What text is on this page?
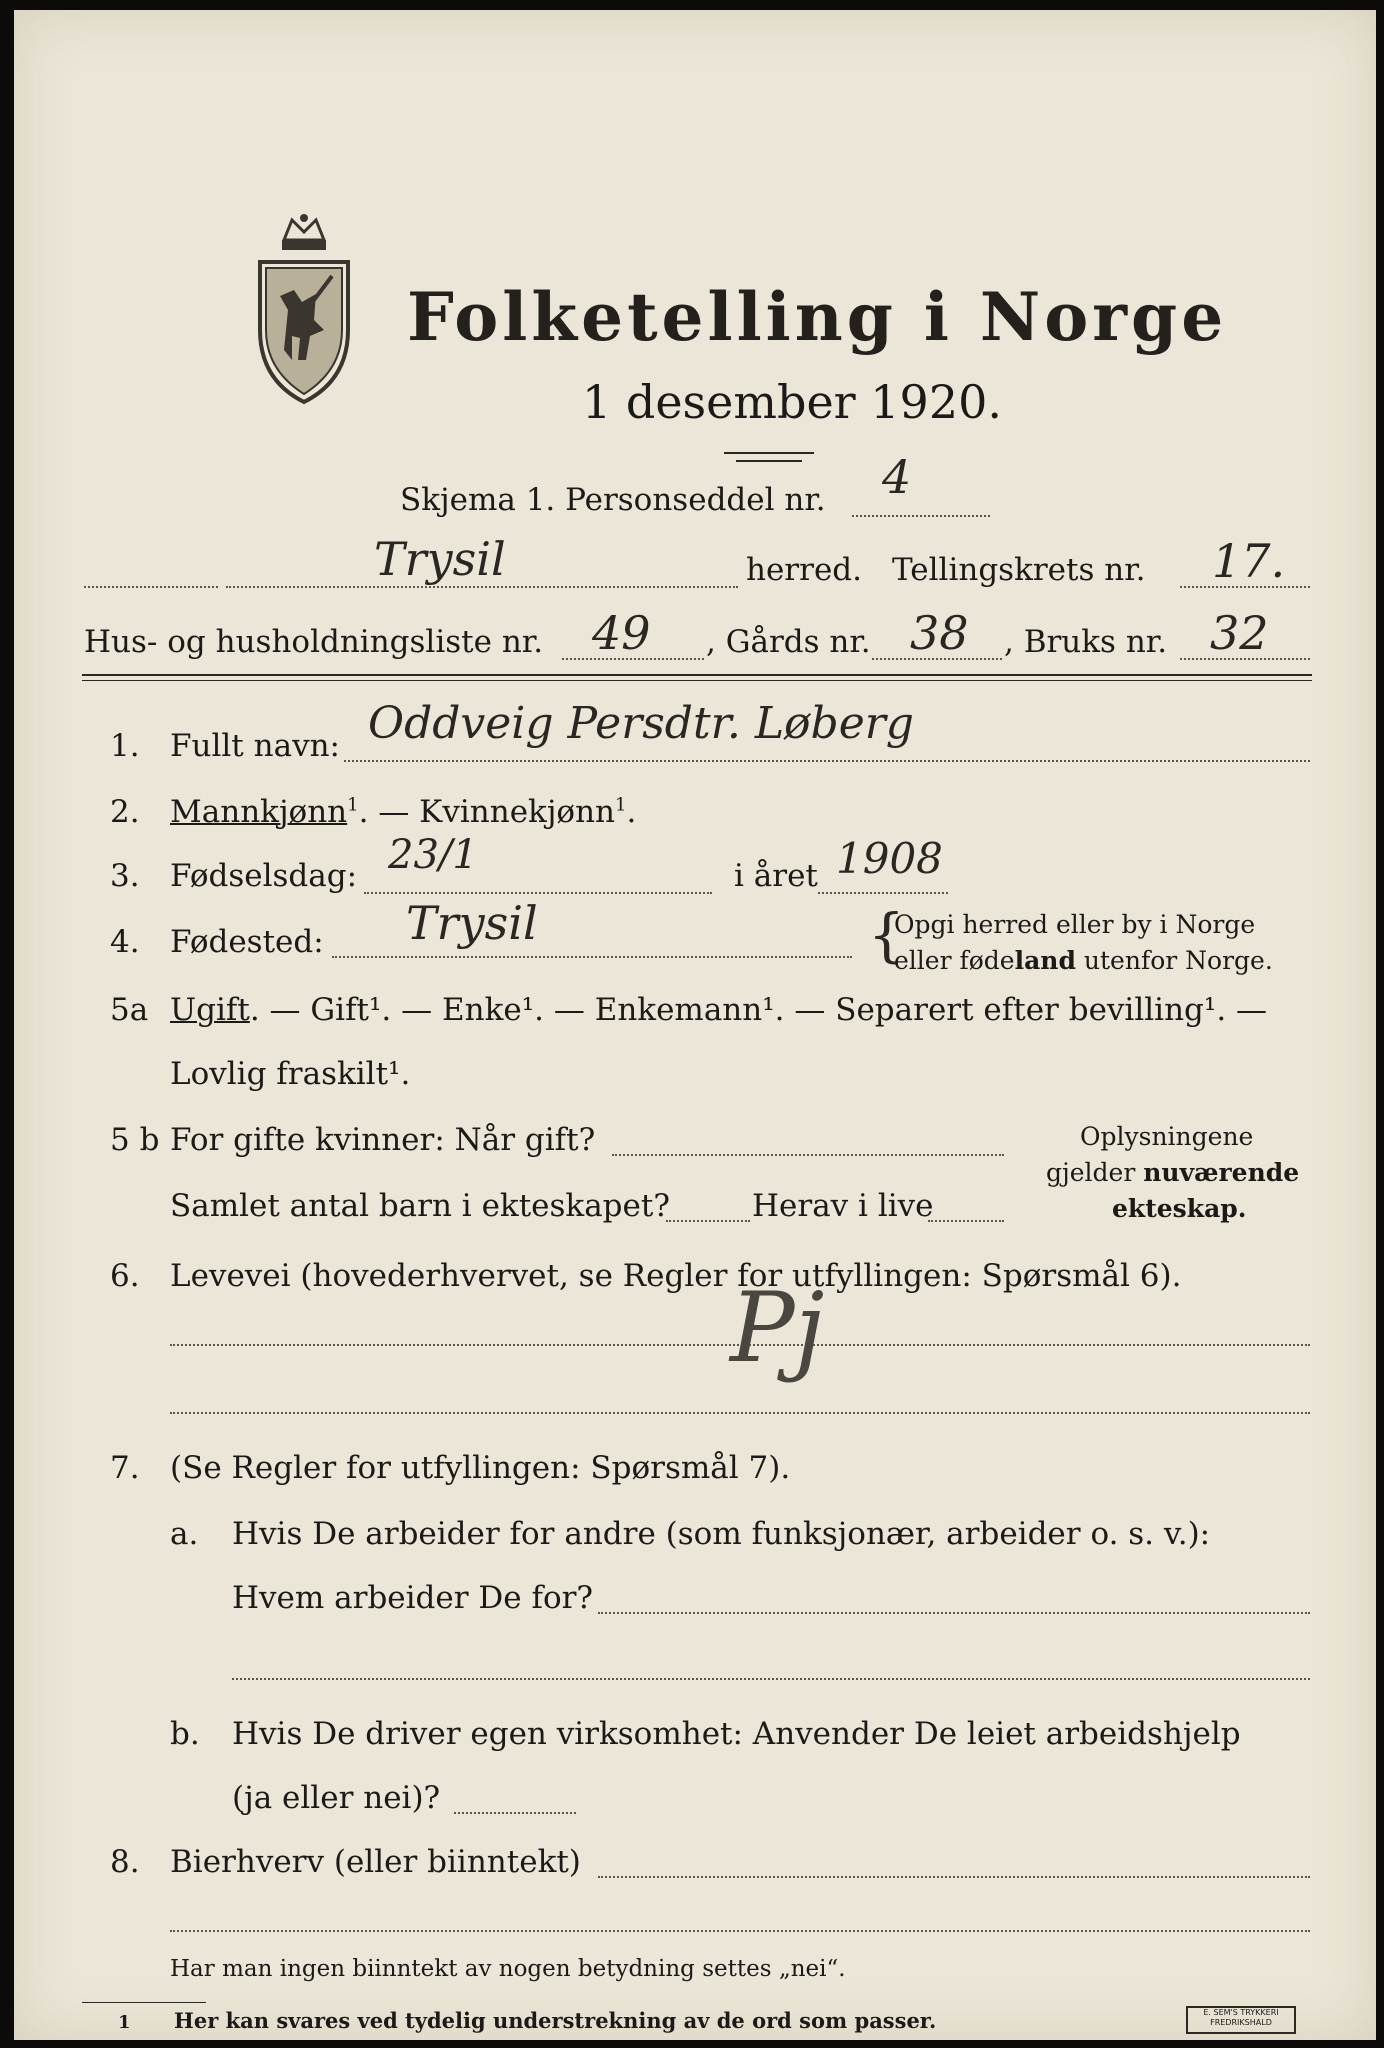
Folketelling i Norge
1 desember 1920.
Skjema 1. Personseddel nr. 4
Trysil	herred. Tellingskrets nr. 17.
Hus- og husholdningsliste nr. 49 , Gårds nr. 38 , Bruks nr. 32
1. Fullt navn: Oddveig Persdtr. Løberg
2. Mannkjønn$^1$. — Kvinnekjønn$^1$.
3. Fødselsdag: 23/1	i året 1908
4. Fødested: Trysil	{
Opgi herred eller by i Norge
eller fødeland utenfor Norge.
5a Ugift. — Gift¹. — Enke¹. — Enkemann¹. — Separert efter bevilling¹. —
Lovlig fraskilt¹.
5 b For gifte kvinner: Når gift?
Samlet antal barn i ekteskapet?	Herav i live
Oplysningene
gjelder nuværende
ekteskap.
6. Levevei (hovederhvervet, se Regler for utfyllingen: Spørsmål 6).
Pj
7. (Se Regler for utfyllingen: Spørsmål 7).
a. Hvis De arbeider for andre (som funksjonær, arbeider o. s. v.):
Hvem arbeider De for?
b. Hvis De driver egen virksomhet: Anvender De leiet arbeidshjelp
(ja eller nei)?
8. Bierhverv (eller biinntekt)
Har man ingen biinntekt av nogen betydning settes „nei“.
1 Her kan svares ved tydelig understrekning av de ord som passer.	E. SEM'S TRYKKERI
FREDRIKSHALD
